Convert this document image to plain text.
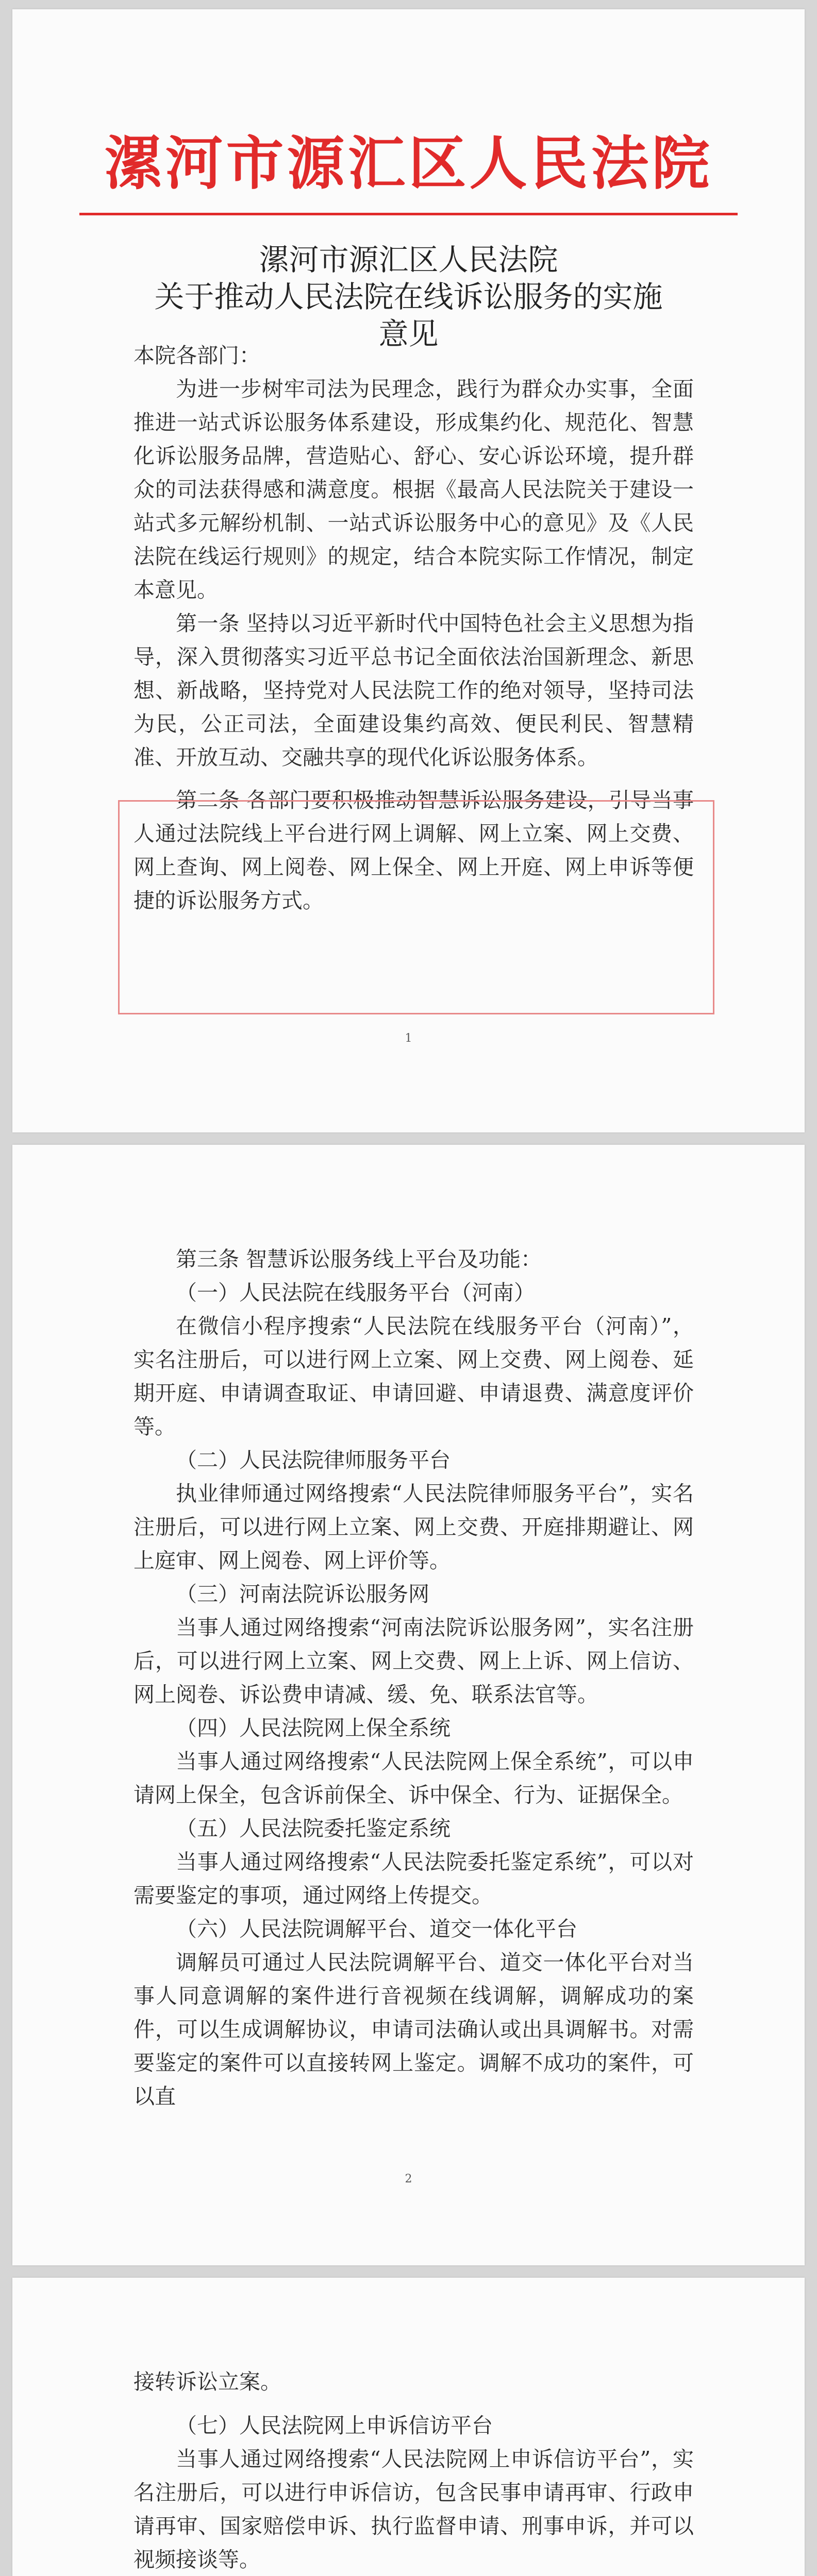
漯河市源汇区人民法院
漯河市源汇区人民法院
关于推动人民法院在线诉讼服务的实施
意见

本院各部门：

为进一步树牢司法为民理念，践行为群众办实事，全面推进一站式诉讼服务体系建设，形成集约化、规范化、智慧化诉讼服务品牌，营造贴心、舒心、安心诉讼环境，提升群众的司法获得感和满意度。根据《最高人民法院关于建设一站式多元解纷机制、一站式诉讼服务中心的意见》及《人民法院在线运行规则》的规定，结合本院实际工作情况，制定本意见。

第一条 坚持以习近平新时代中国特色社会主义思想为指导，深入贯彻落实习近平总书记全面依法治国新理念、新思想、新战略，坚持党对人民法院工作的绝对领导，坚持司法为民，公正司法，全面建设集约高效、便民利民、智慧精准、开放互动、交融共享的现代化诉讼服务体系。

第二条 各部门要积极推动智慧诉讼服务建设，引导当事人通过法院线上平台进行网上调解、网上立案、网上交费、网上查询、网上阅卷、网上保全、网上开庭、网上申诉等便捷的诉讼服务方式。

1

第三条 智慧诉讼服务线上平台及功能：

（一）人民法院在线服务平台（河南）

在微信小程序搜索“人民法院在线服务平台（河南）”，实名注册后，可以进行网上立案、网上交费、网上阅卷、延期开庭、申请调查取证、申请回避、申请退费、满意度评价等。

（二）人民法院律师服务平台

执业律师通过网络搜索“人民法院律师服务平台”，实名注册后，可以进行网上立案、网上交费、开庭排期避让、网上庭审、网上阅卷、网上评价等。

（三）河南法院诉讼服务网

当事人通过网络搜索“河南法院诉讼服务网”，实名注册后，可以进行网上立案、网上交费、网上上诉、网上信访、网上阅卷、诉讼费申请减、缓、免、联系法官等。

（四）人民法院网上保全系统

当事人通过网络搜索“人民法院网上保全系统”，可以申请网上保全，包含诉前保全、诉中保全、行为、证据保全。

（五）人民法院委托鉴定系统

当事人通过网络搜索“人民法院委托鉴定系统”，可以对需要鉴定的事项，通过网络上传提交。

（六）人民法院调解平台、道交一体化平台

调解员可通过人民法院调解平台、道交一体化平台对当事人同意调解的案件进行音视频在线调解，调解成功的案件，可以生成调解协议，申请司法确认或出具调解书。对需要鉴定的案件可以直接转网上鉴定。调解不成功的案件，可以直

2

接转诉讼立案。

（七）人民法院网上申诉信访平台

当事人通过网络搜索“人民法院网上申诉信访平台”，实名注册后，可以进行申诉信访，包含民事申请再审、行政申请再审、国家赔偿申诉、执行监督申请、刑事申诉，并可以视频接谈等。
